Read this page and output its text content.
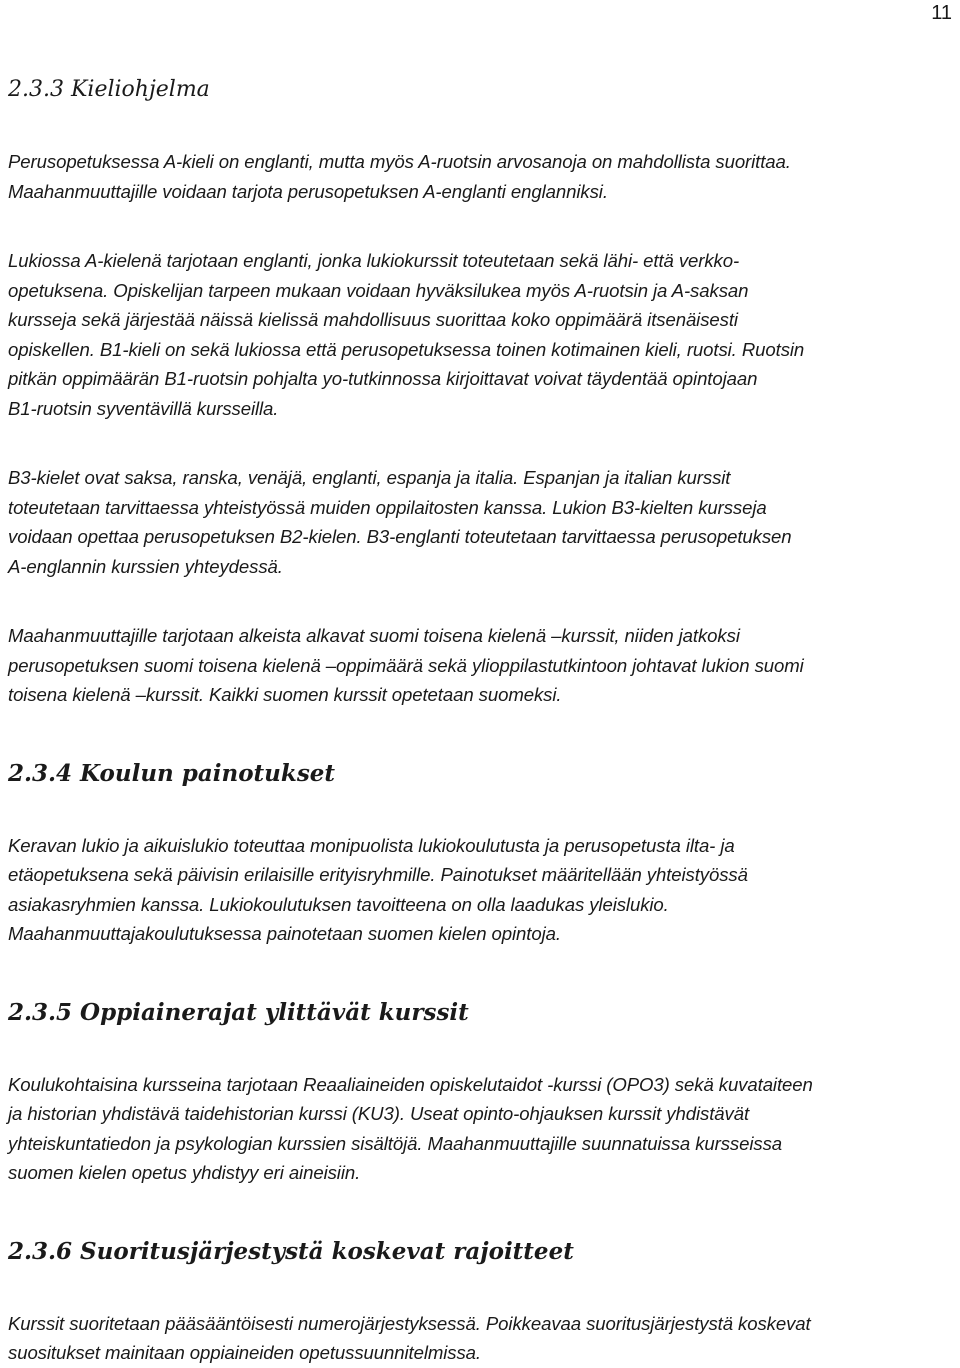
11
2.3.3 Kieliohjelma

Perusopetuksessa A-kieli on englanti, mutta myös A-ruotsin arvosanoja on mahdollista suorittaa.
Maahanmuuttajille voidaan tarjota perusopetuksen A-englanti englanniksi.

Lukiossa A-kielenä tarjotaan englanti, jonka lukiokurssit toteutetaan sekä lähi- että verkko-
opetuksena. Opiskelijan tarpeen mukaan voidaan hyväksilukea myös A-ruotsin ja A-saksan
kursseja sekä järjestää näissä kielissä mahdollisuus suorittaa koko oppimäärä itsenäisesti
opiskellen. B1-kieli on sekä lukiossa että perusopetuksessa toinen kotimainen kieli, ruotsi. Ruotsin
pitkän oppimäärän B1-ruotsin pohjalta yo-tutkinnossa kirjoittavat voivat täydentää opintojaan
B1-ruotsin syventävillä kursseilla.

B3-kielet ovat saksa, ranska, venäjä, englanti, espanja ja italia. Espanjan ja italian kurssit
toteutetaan tarvittaessa yhteistyössä muiden oppilaitosten kanssa. Lukion B3-kielten kursseja
voidaan opettaa perusopetuksen B2-kielen. B3-englanti toteutetaan tarvittaessa perusopetuksen
A-englannin kurssien yhteydessä.

Maahanmuuttajille tarjotaan alkeista alkavat suomi toisena kielenä –kurssit, niiden jatkoksi
perusopetuksen suomi toisena kielenä –oppimäärä sekä ylioppilastutkintoon johtavat lukion suomi
toisena kielenä –kurssit. Kaikki suomen kurssit opetetaan suomeksi.

2.3.4 Koulun painotukset

Keravan lukio ja aikuislukio toteuttaa monipuolista lukiokoulutusta ja perusopetusta ilta- ja
etäopetuksena sekä päivisin erilaisille erityisryhmille. Painotukset määritellään yhteistyössä
asiakasryhmien kanssa. Lukiokoulutuksen tavoitteena on olla laadukas yleislukio.
Maahanmuuttajakoulutuksessa painotetaan suomen kielen opintoja.

2.3.5 Oppiainerajat ylittävät kurssit

Koulukohtaisina kursseina tarjotaan Reaaliaineiden opiskelutaidot -kurssi (OPO3) sekä kuvataiteen
ja historian yhdistävä taidehistorian kurssi (KU3). Useat opinto-ohjauksen kurssit yhdistävät
yhteiskuntatiedon ja psykologian kurssien sisältöjä. Maahanmuuttajille suunnatuissa kursseissa
suomen kielen opetus yhdistyy eri aineisiin.

2.3.6 Suoritusjärjestystä koskevat rajoitteet

Kurssit suoritetaan pääsääntöisesti numerojärjestyksessä. Poikkeavaa suoritusjärjestystä koskevat
suositukset mainitaan oppiaineiden opetussuunnitelmissa.
